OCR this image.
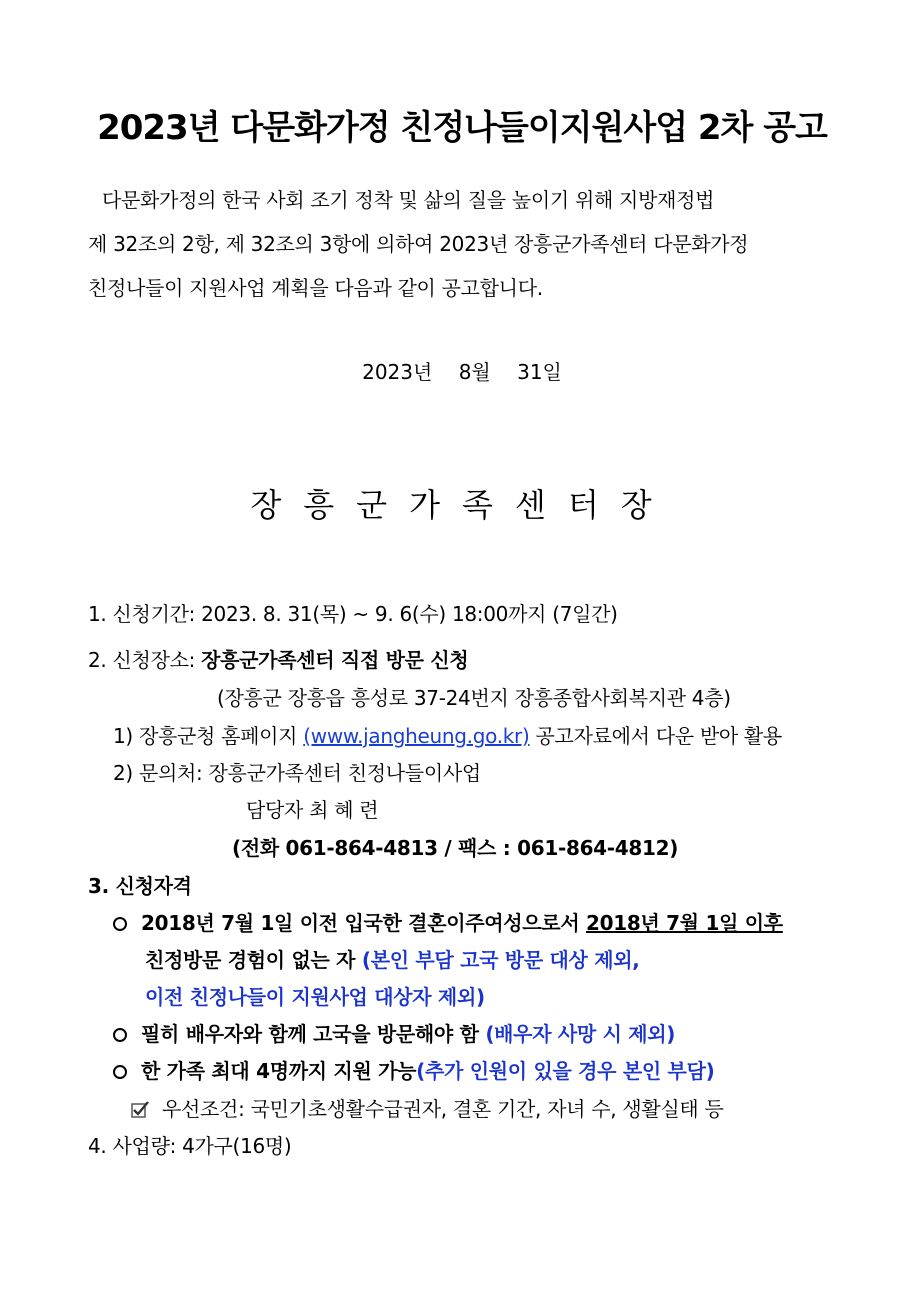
2023년 다문화가정 친정나들이지원사업 2차 공고

다문화가정의 한국 사회 조기 정착 및 삶의 질을 높이기 위해 지방재정법
제 32조의 2항, 제 32조의 3항에 의하여 2023년 장흥군가족센터 다문화가정
친정나들이 지원사업 계획을 다음과 같이 공고합니다.

2023년 8월 31일
장흥군가족센터장
1. 신청기간: 2023. 8. 31(목) ~ 9. 6(수) 18:00까지 (7일간)
2. 신청장소: 장흥군가족센터 직접 방문 신청
(장흥군 장흥읍 흥성로 37-24번지 장흥종합사회복지관 4층)
1) 장흥군청 홈페이지 (www.jangheung.go.kr) 공고자료에서 다운 받아 활용
2) 문의처: 장흥군가족센터 친정나들이사업
담당자 최 혜 련
(전화 061-864-4813 / 팩스 : 061-864-4812)
3. 신청자격
2018년 7월 1일 이전 입국한 결혼이주여성으로서 2018년 7월 1일 이후
친정방문 경험이 없는 자 (본인 부담 고국 방문 대상 제외,
이전 친정나들이 지원사업 대상자 제외)
필히 배우자와 함께 고국을 방문해야 함 (배우자 사망 시 제외)
한 가족 최대 4명까지 지원 가능(추가 인원이 있을 경우 본인 부담)
우선조건: 국민기초생활수급권자, 결혼 기간, 자녀 수, 생활실태 등
4. 사업량: 4가구(16명)
